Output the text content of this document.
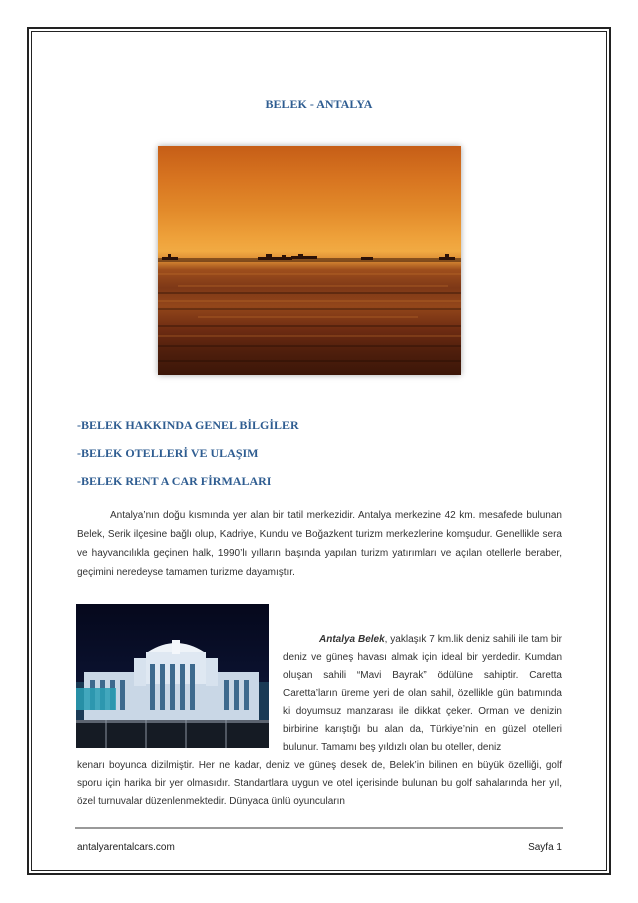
BELEK - ANTALYA
-BELEK HAKKINDA GENEL BİLGİLER
-BELEK OTELLERİ VE ULAŞIM
-BELEK RENT A CAR FİRMALARI
Antalya’nın doğu kısmında yer alan bir tatil merkezidir. Antalya merkezine 42 km. mesafede bulunan Belek, Serik ilçesine bağlı olup, Kadriye, Kundu ve Boğazkent turizm merkezlerine komşudur. Genellikle sera ve hayvancılıkla geçinen halk, 1990’lı yılların başında yapılan turizm yatırımları ve açılan otellerle beraber, geçimini neredeyse tamamen turizme dayamıştır.
Antalya Belek, yaklaşık 7 km.lik deniz sahili ile tam bir deniz ve güneş havası almak için ideal bir yerdedir. Kumdan oluşan sahili “Mavi Bayrak” ödülüne sahiptir. Caretta Caretta’ların üreme yeri de olan sahil, özellikle gün batımında ki doyumsuz manzarası ile dikkat çeker. Orman ve denizin birbirine karıştığı bu alan da, Türkiye’nin en güzel otelleri bulunur. Tamamı beş yıldızlı olan bu oteller, deniz
kenarı boyunca dizilmiştir. Her ne kadar, deniz ve güneş desek de, Belek’in bilinen en büyük özelliği, golf sporu için harika bir yer olmasıdır. Standartlara uygun ve otel içerisinde bulunan bu golf sahalarında her yıl, özel turnuvalar düzenlenmektedir. Dünyaca ünlü oyuncuların
antalyarentalcars.com	Sayfa 1
